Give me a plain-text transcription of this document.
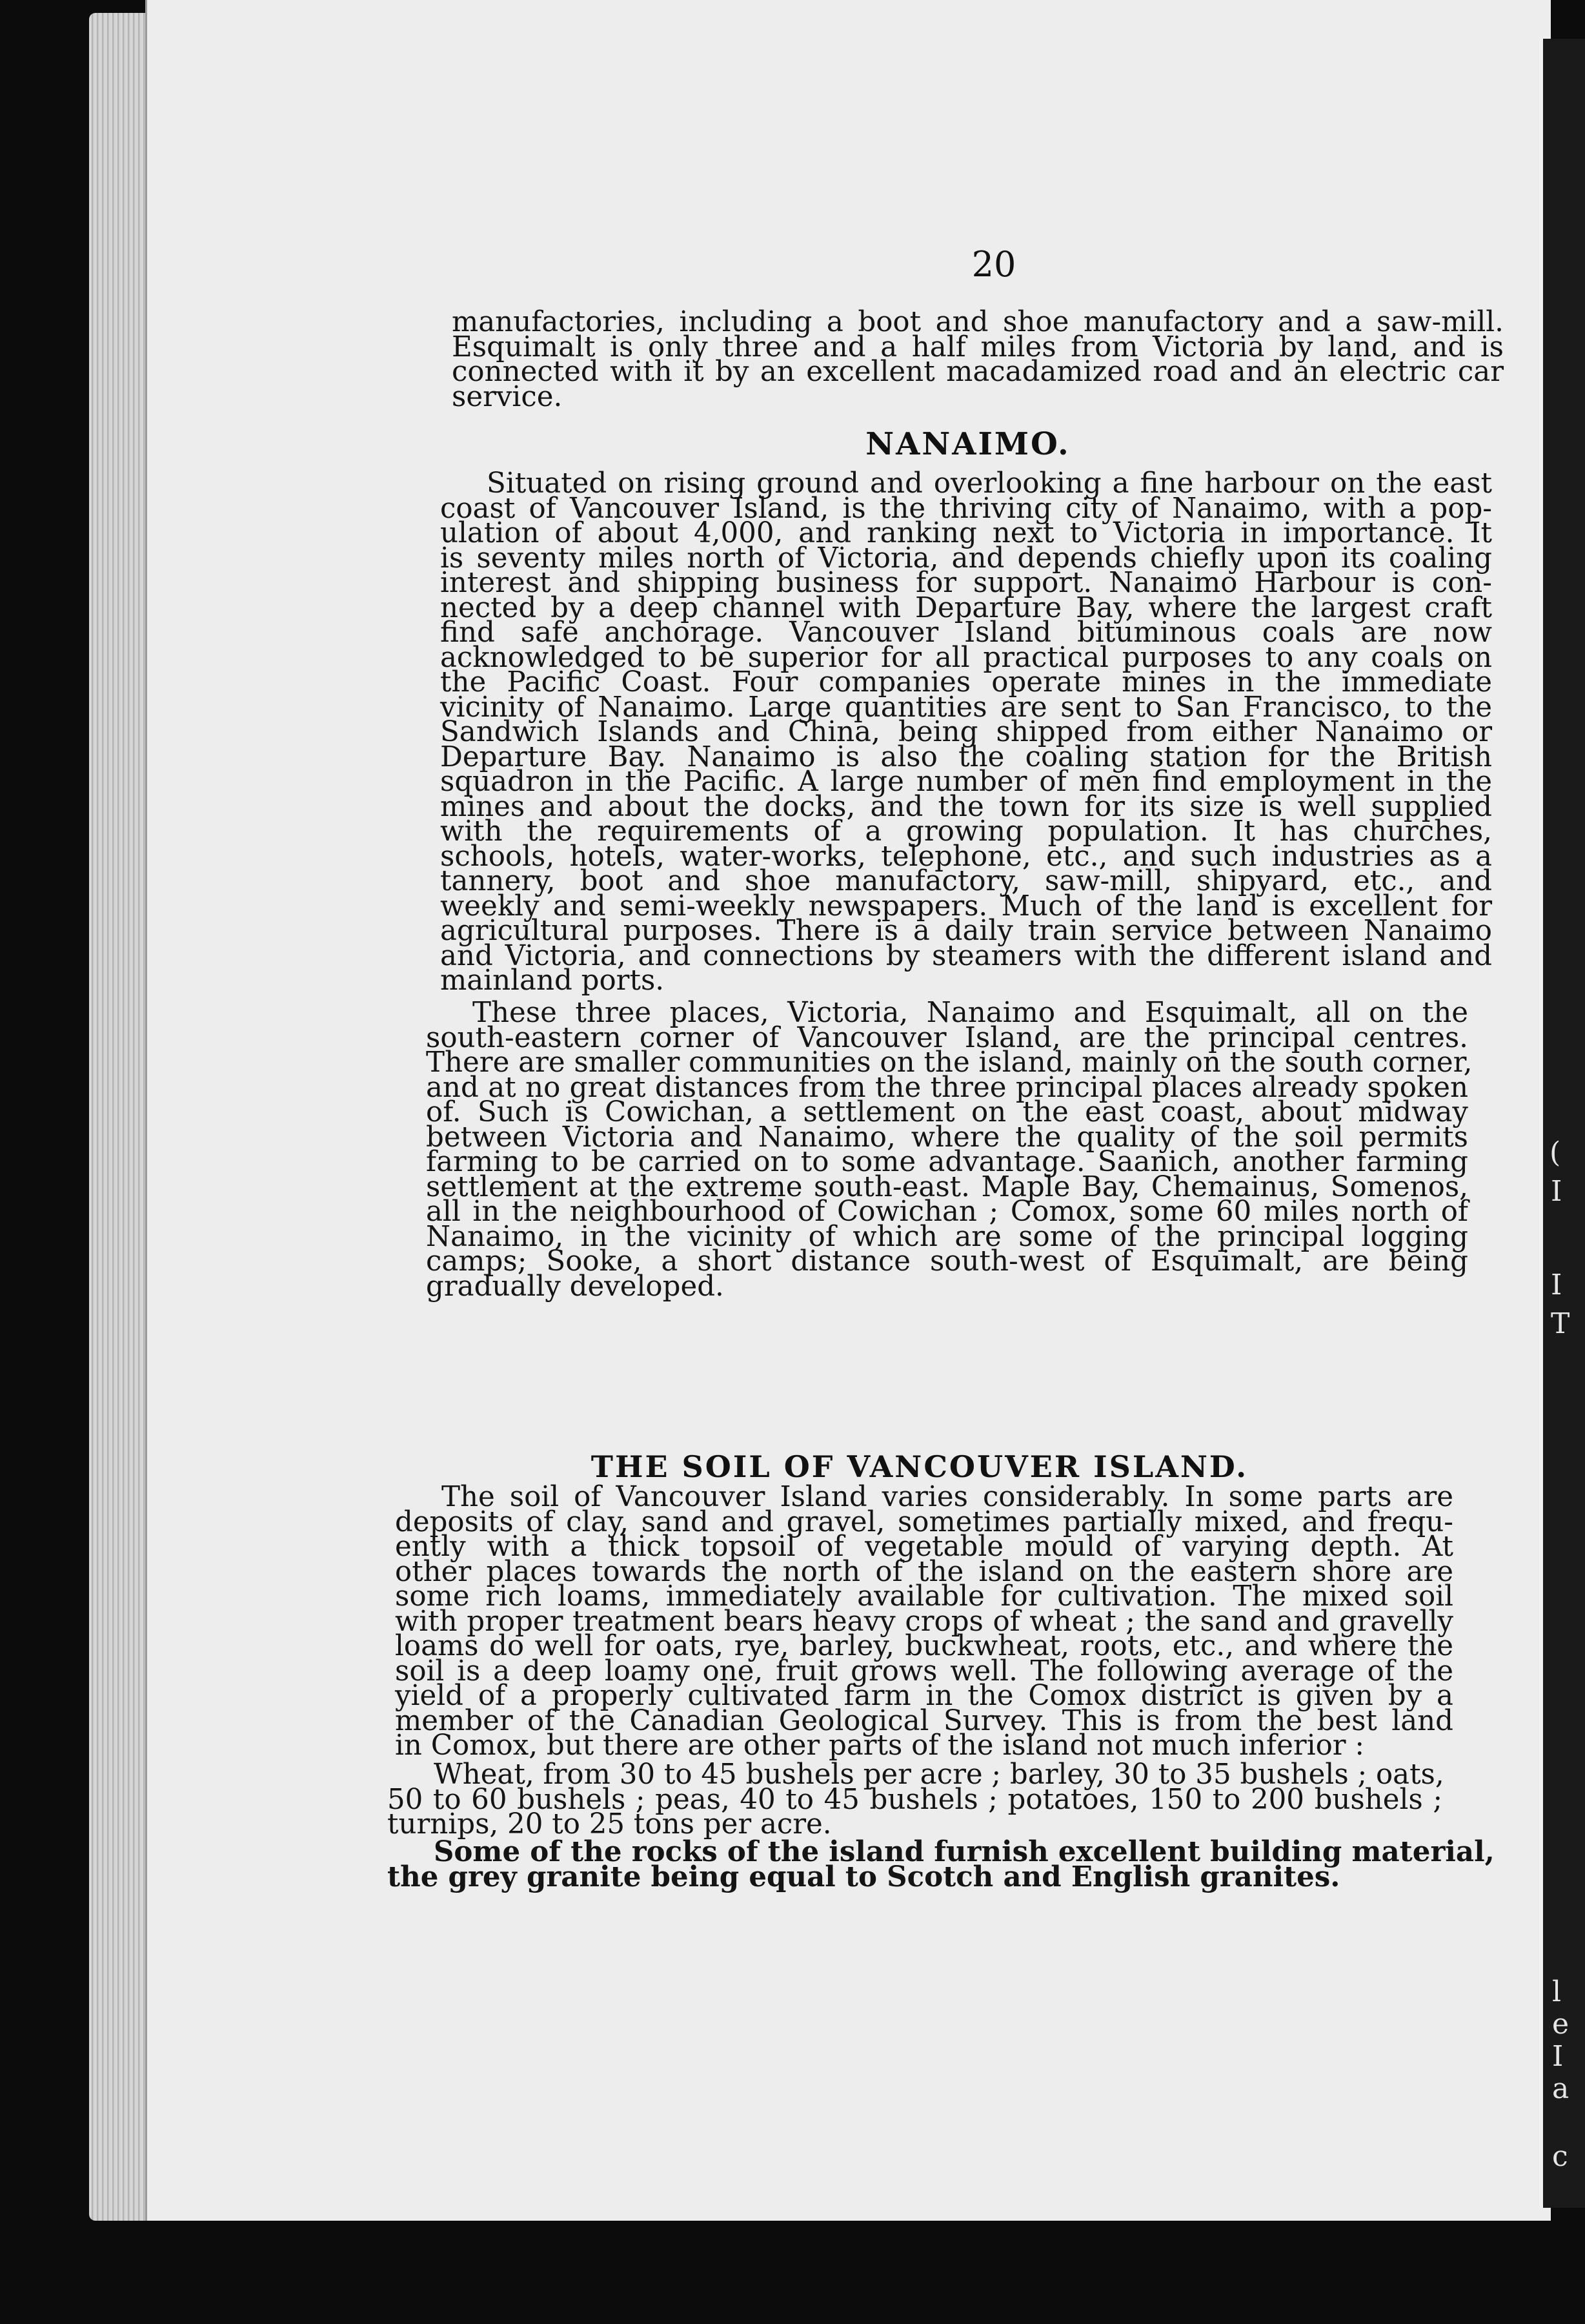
(
I
I
T
l
e
I
a
c
20

manufactories, including a boot and shoe manufactory and a saw-mill.

Esquimalt is only three and a half miles from Victoria by land, and is

connected with it by an excellent macadamized road and an electric car

service.

NANAIMO.

Situated on rising ground and overlooking a fine harbour on the east

coast of Vancouver Island, is the thriving city of Nanaimo, with a pop-

ulation of about 4,000, and ranking next to Victoria in importance. It

is seventy miles north of Victoria, and depends chiefly upon its coaling

interest and shipping business for support. Nanaimo Harbour is con-

nected by a deep channel with Departure Bay, where the largest craft

find safe anchorage. Vancouver Island bituminous coals are now

acknowledged to be superior for all practical purposes to any coals on

the Pacific Coast. Four companies operate mines in the immediate

vicinity of Nanaimo. Large quantities are sent to San Francisco, to the

Sandwich Islands and China, being shipped from either Nanaimo or

Departure Bay. Nanaimo is also the coaling station for the British

squadron in the Pacific. A large number of men find employment in the

mines and about the docks, and the town for its size is well supplied

with the requirements of a growing population. It has churches,

schools, hotels, water-works, telephone, etc., and such industries as a

tannery, boot and shoe manufactory, saw-mill, shipyard, etc., and

weekly and semi-weekly newspapers. Much of the land is excellent for

agricultural purposes. There is a daily train service between Nanaimo

and Victoria, and connections by steamers with the different island and

mainland ports.

These three places, Victoria, Nanaimo and Esquimalt, all on the

south-eastern corner of Vancouver Island, are the principal centres.

There are smaller communities on the island, mainly on the south corner,

and at no great distances from the three principal places already spoken

of. Such is Cowichan, a settlement on the east coast, about midway

between Victoria and Nanaimo, where the quality of the soil permits

farming to be carried on to some advantage. Saanich, another farming

settlement at the extreme south-east. Maple Bay, Chemainus, Somenos,

all in the neighbourhood of Cowichan ; Comox, some 60 miles north of

Nanaimo, in the vicinity of which are some of the principal logging

camps; Sooke, a short distance south-west of Esquimalt, are being

gradually developed.

THE SOIL OF VANCOUVER ISLAND.

The soil of Vancouver Island varies considerably. In some parts are

deposits of clay, sand and gravel, sometimes partially mixed, and frequ-

ently with a thick topsoil of vegetable mould of varying depth. At

other places towards the north of the island on the eastern shore are

some rich loams, immediately available for cultivation. The mixed soil

with proper treatment bears heavy crops of wheat ; the sand and gravelly

loams do well for oats, rye, barley, buckwheat, roots, etc., and where the

soil is a deep loamy one, fruit grows well. The following average of the

yield of a properly cultivated farm in the Comox district is given by a

member of the Canadian Geological Survey. This is from the best land

in Comox, but there are other parts of the island not much inferior :

Wheat, from 30 to 45 bushels per acre ; barley, 30 to 35 bushels ; oats,

50 to 60 bushels ; peas, 40 to 45 bushels ; potatoes, 150 to 200 bushels ;

turnips, 20 to 25 tons per acre.

Some of the rocks of the island furnish excellent building material,

the grey granite being equal to Scotch and English granites.
